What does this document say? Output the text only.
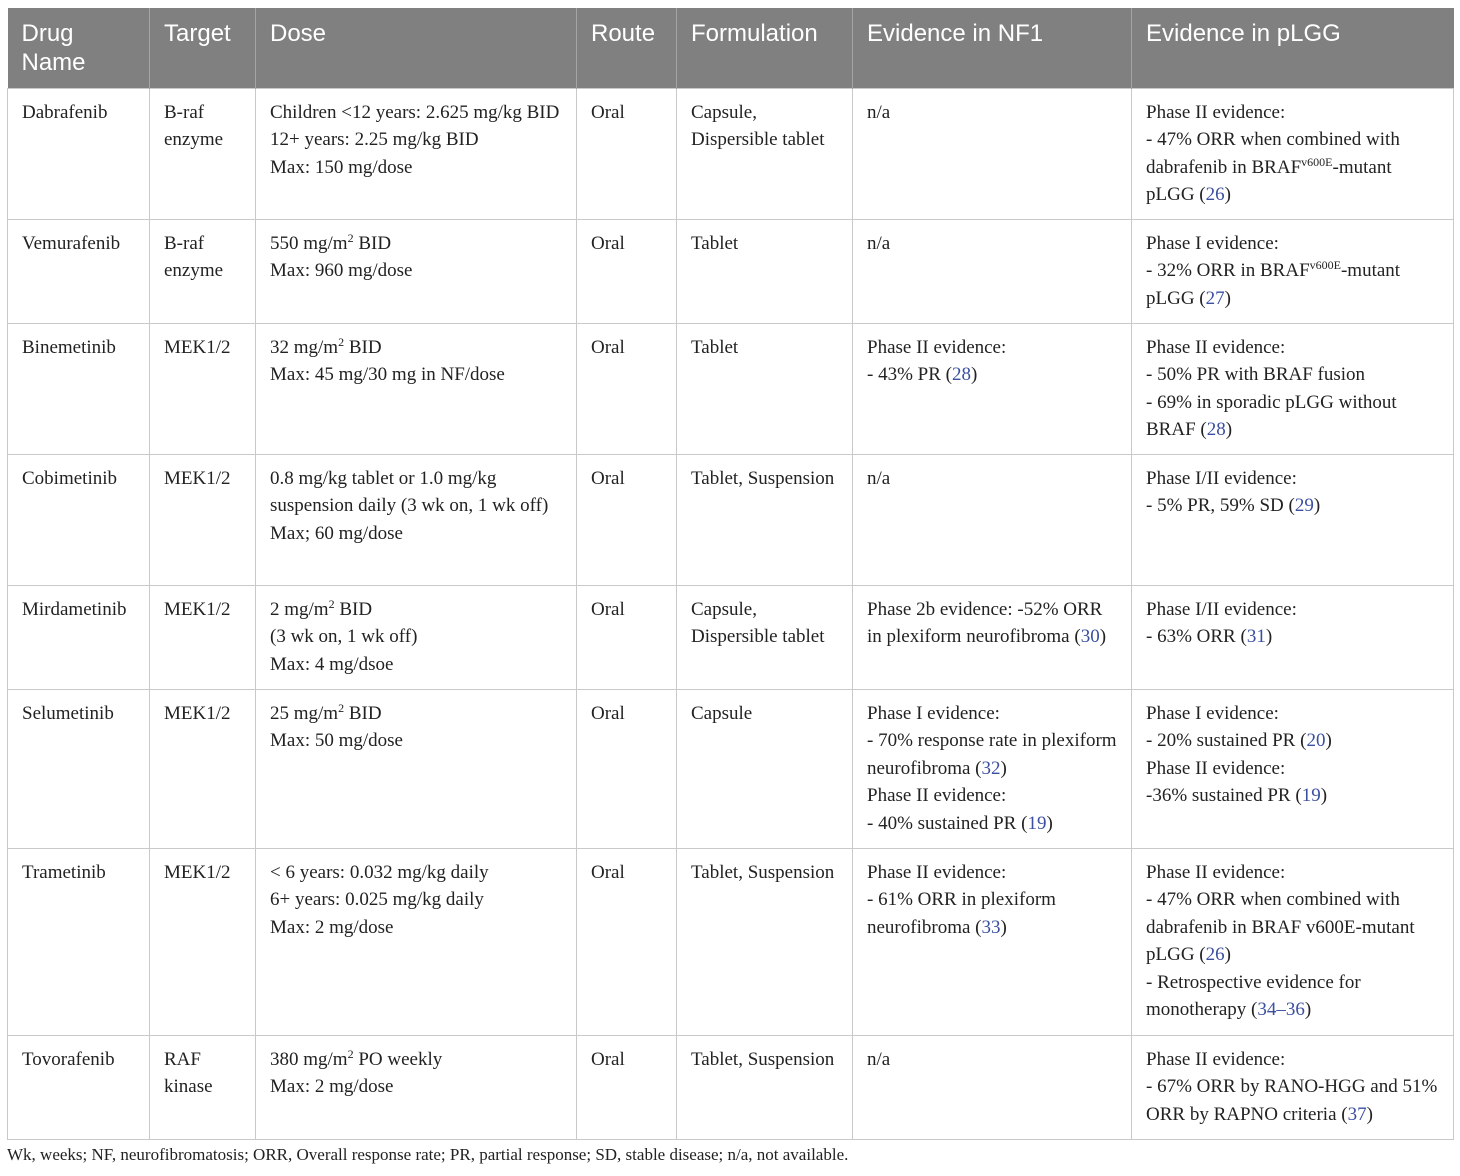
Drug Name	Target	Dose	Route	Formulation	Evidence in NF1	Evidence in pLGG
Dabrafenib	B-raf enzyme	Children <12 years: 2.625 mg/kg BID
12+ years: 2.25 mg/kg BID
Max: 150 mg/dose	Oral	Capsule, Dispersible tablet	n/a	Phase II evidence:
- 47% ORR when combined with dabrafenib in $BRAF^{v600E}$-mutant pLGG (26)

Vemurafenib	B-raf enzyme	550 $mg/m^2$ BID
Max: 960 mg/dose	Oral	Tablet	n/a	Phase I evidence:
- 32% ORR in $BRAF^{v600E}$-mutant pLGG (27)

Binemetinib	MEK1/2	32 $mg/m^2$ BID
Max: 45 mg/30 mg in NF/dose	Oral	Tablet	Phase II evidence:
- 43% PR (28)	Phase II evidence:
- 50% PR with BRAF fusion
- 69% in sporadic pLGG without BRAF (28)

Cobimetinib	MEK1/2	0.8 mg/kg tablet or 1.0 mg/kg suspension daily (3 wk on, 1 wk off)
Max; 60 mg/dose	Oral	Tablet, Suspension	n/a	Phase I/II evidence:
- 5% PR, 59% SD (29)

Mirdametinib	MEK1/2	2 $mg/m^2$ BID
(3 wk on, 1 wk off)
Max: 4 mg/dsoe	Oral	Capsule, Dispersible tablet	Phase 2b evidence: -52% ORR in plexiform neurofibroma (30)	Phase I/II evidence:
- 63% ORR (31)

Selumetinib	MEK1/2	25 $mg/m^2$ BID
Max: 50 mg/dose	Oral	Capsule	Phase I evidence:
- 70% response rate in plexiform neurofibroma (32)
Phase II evidence:
- 40% sustained PR (19)	Phase I evidence:
- 20% sustained PR (20)
Phase II evidence:
-36% sustained PR (19)

Trametinib	MEK1/2	< 6 years: 0.032 mg/kg daily
6+ years: 0.025 mg/kg daily
Max: 2 mg/dose	Oral	Tablet, Suspension	Phase II evidence:
- 61% ORR in plexiform neurofibroma (33)	Phase II evidence:
- 47% ORR when combined with dabrafenib in BRAF v600E-mutant pLGG (26)
- Retrospective evidence for monotherapy (34–36)

Tovorafenib	RAF kinase	380 $mg/m^2$ PO weekly
Max: 2 mg/dose	Oral	Tablet, Suspension	n/a	Phase II evidence:
- 67% ORR by RANO-HGG and 51% ORR by RAPNO criteria (37)
Wk, weeks; NF, neurofibromatosis; ORR, Overall response rate; PR, partial response; SD, stable disease; n/a, not available.
